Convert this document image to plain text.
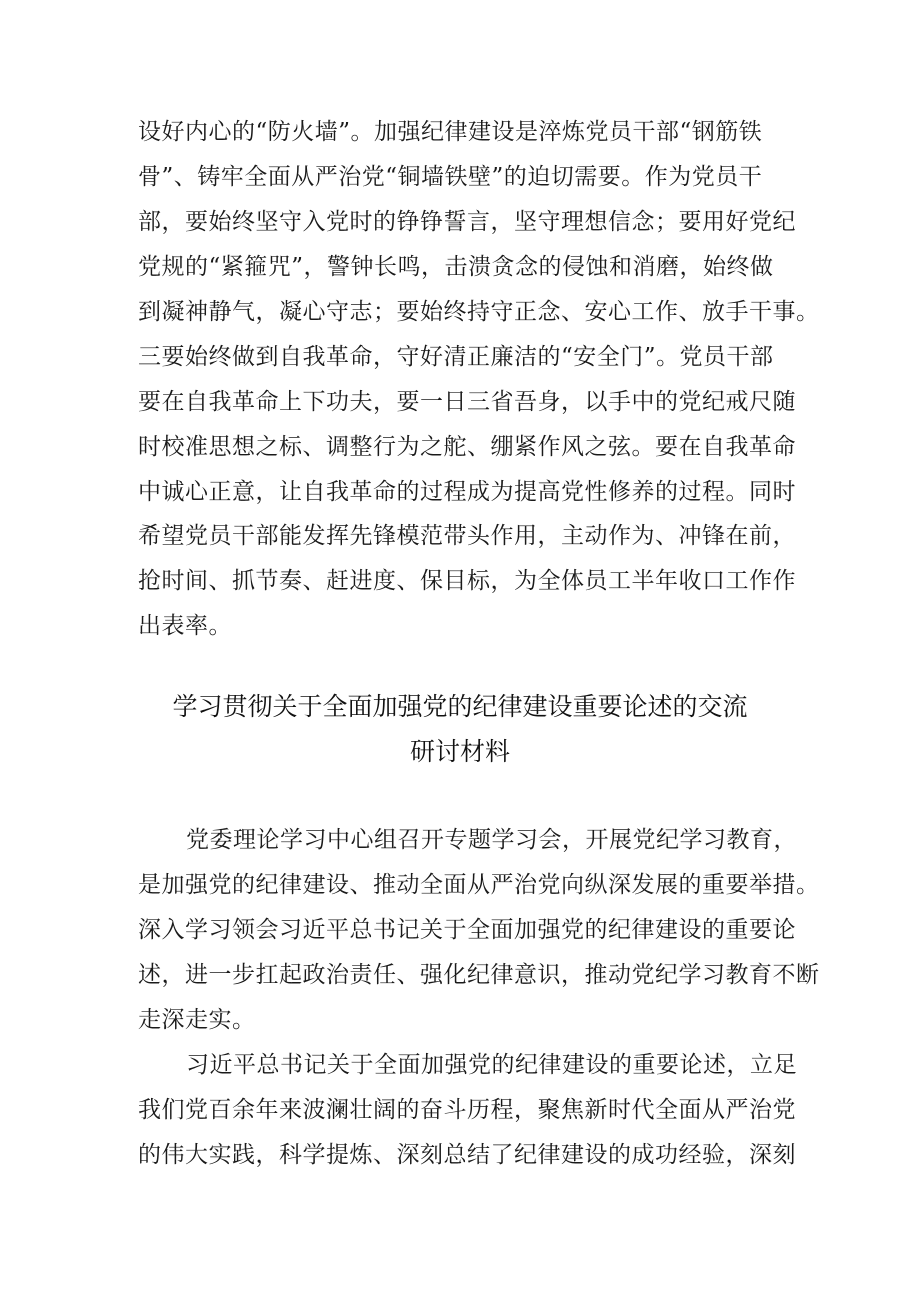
设好内心的“防火墙”。加强纪律建设是淬炼党员干部“钢筋铁
骨”、铸牢全面从严治党“铜墙铁壁”的迫切需要。作为党员干
部，要始终坚守入党时的铮铮誓言，坚守理想信念；要用好党纪
党规的“紧箍咒”，警钟长鸣，击溃贪念的侵蚀和消磨，始终做
到凝神静气，凝心守志；要始终持守正念、安心工作、放手干事。
三要始终做到自我革命，守好清正廉洁的“安全门”。党员干部
要在自我革命上下功夫，要一日三省吾身，以手中的党纪戒尺随
时校准思想之标、调整行为之舵、绷紧作风之弦。要在自我革命
中诚心正意，让自我革命的过程成为提高党性修养的过程。同时
希望党员干部能发挥先锋模范带头作用，主动作为、冲锋在前，
抢时间、抓节奏、赶进度、保目标，为全体员工半年收口工作作
出表率。
学习贯彻关于全面加强党的纪律建设重要论述的交流
研讨材料
党委理论学习中心组召开专题学习会，开展党纪学习教育，
是加强党的纪律建设、推动全面从严治党向纵深发展的重要举措。
深入学习领会习近平总书记关于全面加强党的纪律建设的重要论
述，进一步扛起政治责任、强化纪律意识，推动党纪学习教育不断
走深走实。
习近平总书记关于全面加强党的纪律建设的重要论述，立足
我们党百余年来波澜壮阔的奋斗历程，聚焦新时代全面从严治党
的伟大实践，科学提炼、深刻总结了纪律建设的成功经验，深刻
